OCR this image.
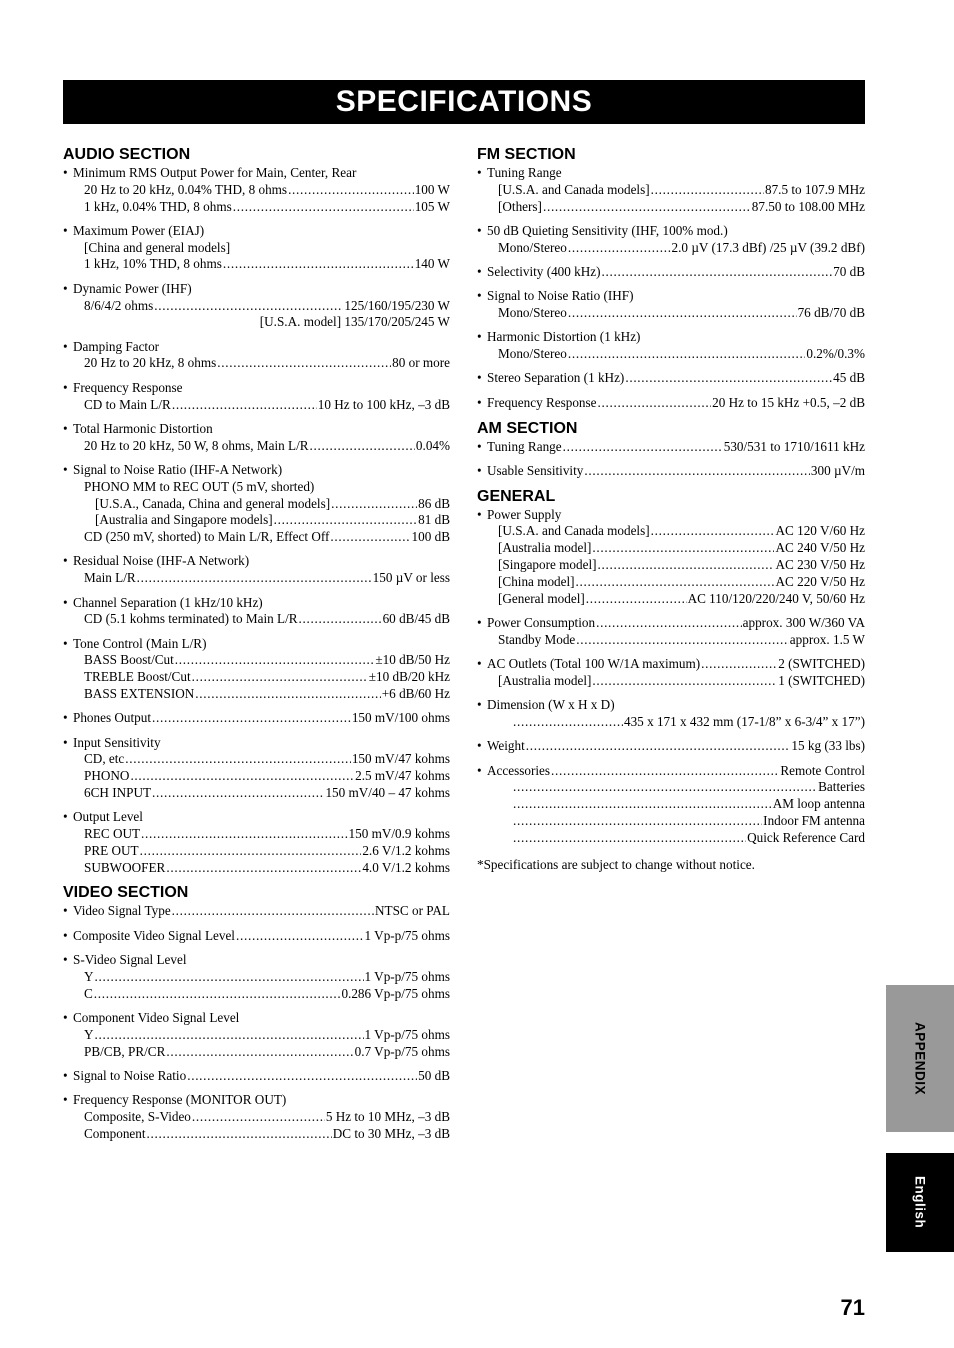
SPECIFICATIONS
AUDIO SECTION
• Minimum RMS Output Power for Main, Center, Rear
20 Hz to 20 kHz, 0.04% THD, 8 ohms . . .	100 W
1 kHz, 0.04% THD, 8 ohms . . .	105 W
• Maximum Power (EIAJ)
[China and general models]
1 kHz, 10% THD, 8 ohms . . .	140 W
• Dynamic Power (IHF)
8/6/4/2 ohms . . .	125/160/195/230 W
[U.S.A. model] 135/170/205/245 W
• Damping Factor
20 Hz to 20 kHz, 8 ohms . . .	80 or more
• Frequency Response
CD to Main L/R . . .	10 Hz to 100 kHz, –3 dB
• Total Harmonic Distortion
20 Hz to 20 kHz, 50 W, 8 ohms, Main L/R . . .	0.04%
• Signal to Noise Ratio (IHF-A Network)
PHONO MM to REC OUT (5 mV, shorted)
[U.S.A., Canada, China and general models] . . .	86 dB
[Australia and Singapore models] . . .	81 dB
CD (250 mV, shorted) to Main L/R, Effect Off . . .	100 dB
• Residual Noise (IHF-A Network)
Main L/R . . .	150 µV or less
• Channel Separation (1 kHz/10 kHz)
CD (5.1 kohms terminated) to Main L/R . . .	60 dB/45 dB
• Tone Control (Main L/R)
BASS Boost/Cut . . .	±10 dB/50 Hz
TREBLE Boost/Cut . . .	±10 dB/20 kHz
BASS EXTENSION . . .	+6 dB/60 Hz
• Phones Output . . .	150 mV/100 ohms
• Input Sensitivity
CD, etc . . .	150 mV/47 kohms
PHONO . . .	2.5 mV/47 kohms
6CH INPUT . . .	150 mV/40 – 47 kohms
• Output Level
REC OUT . . .	150 mV/0.9 kohms
PRE OUT . . .	2.6 V/1.2 kohms
SUBWOOFER . . .	4.0 V/1.2 kohms
VIDEO SECTION
• Video Signal Type . . .	NTSC or PAL
• Composite Video Signal Level . . .	1 Vp-p/75 ohms
• S-Video Signal Level
Y . . .	1 Vp-p/75 ohms
C . . .	0.286 Vp-p/75 ohms
• Component Video Signal Level
Y . . .	1 Vp-p/75 ohms
PB/CB, PR/CR . . .	0.7 Vp-p/75 ohms
• Signal to Noise Ratio . . .	50 dB
• Frequency Response (MONITOR OUT)
Composite, S-Video . . .	5 Hz to 10 MHz, –3 dB
Component . . .	DC to 30 MHz, –3 dB
FM SECTION
• Tuning Range
[U.S.A. and Canada models] . . .	87.5 to 107.9 MHz
[Others] . . .	87.50 to 108.00 MHz
• 50 dB Quieting Sensitivity (IHF, 100% mod.)
Mono/Stereo . . .	2.0 µV (17.3 dBf) /25 µV (39.2 dBf)
• Selectivity (400 kHz) . . .	70 dB
• Signal to Noise Ratio (IHF)
Mono/Stereo . . .	76 dB/70 dB
• Harmonic Distortion (1 kHz)
Mono/Stereo . . .	0.2%/0.3%
• Stereo Separation (1 kHz) . . .	45 dB
• Frequency Response . . .	20 Hz to 15 kHz +0.5, –2 dB
AM SECTION
• Tuning Range . . .	530/531 to 1710/1611 kHz
• Usable Sensitivity . . .	300 µV/m
GENERAL
• Power Supply
[U.S.A. and Canada models] . . .	AC 120 V/60 Hz
[Australia model] . . .	AC 240 V/50 Hz
[Singapore model] . . .	AC 230 V/50 Hz
[China model] . . .	AC 220 V/50 Hz
[General model] . . .	AC 110/120/220/240 V, 50/60 Hz
• Power Consumption . . .	approx. 300 W/360 VA
Standby Mode . . .	approx. 1.5 W
• AC Outlets (Total 100 W/1A maximum) . . .	2 (SWITCHED)
[Australia model] . . .	1 (SWITCHED)
• Dimension (W x H x D)
. . .
435 x 171 x 432 mm (17-1/8” x 6-3/4” x 17”)
• Weight . . .	15 kg (33 lbs)
• Accessories . . .	Remote Control
. . .
Batteries
. . .
AM loop antenna
. . .
Indoor FM antenna
. . .
Quick Reference Card
*Specifications are subject to change without notice.
APPENDIX
English
71
